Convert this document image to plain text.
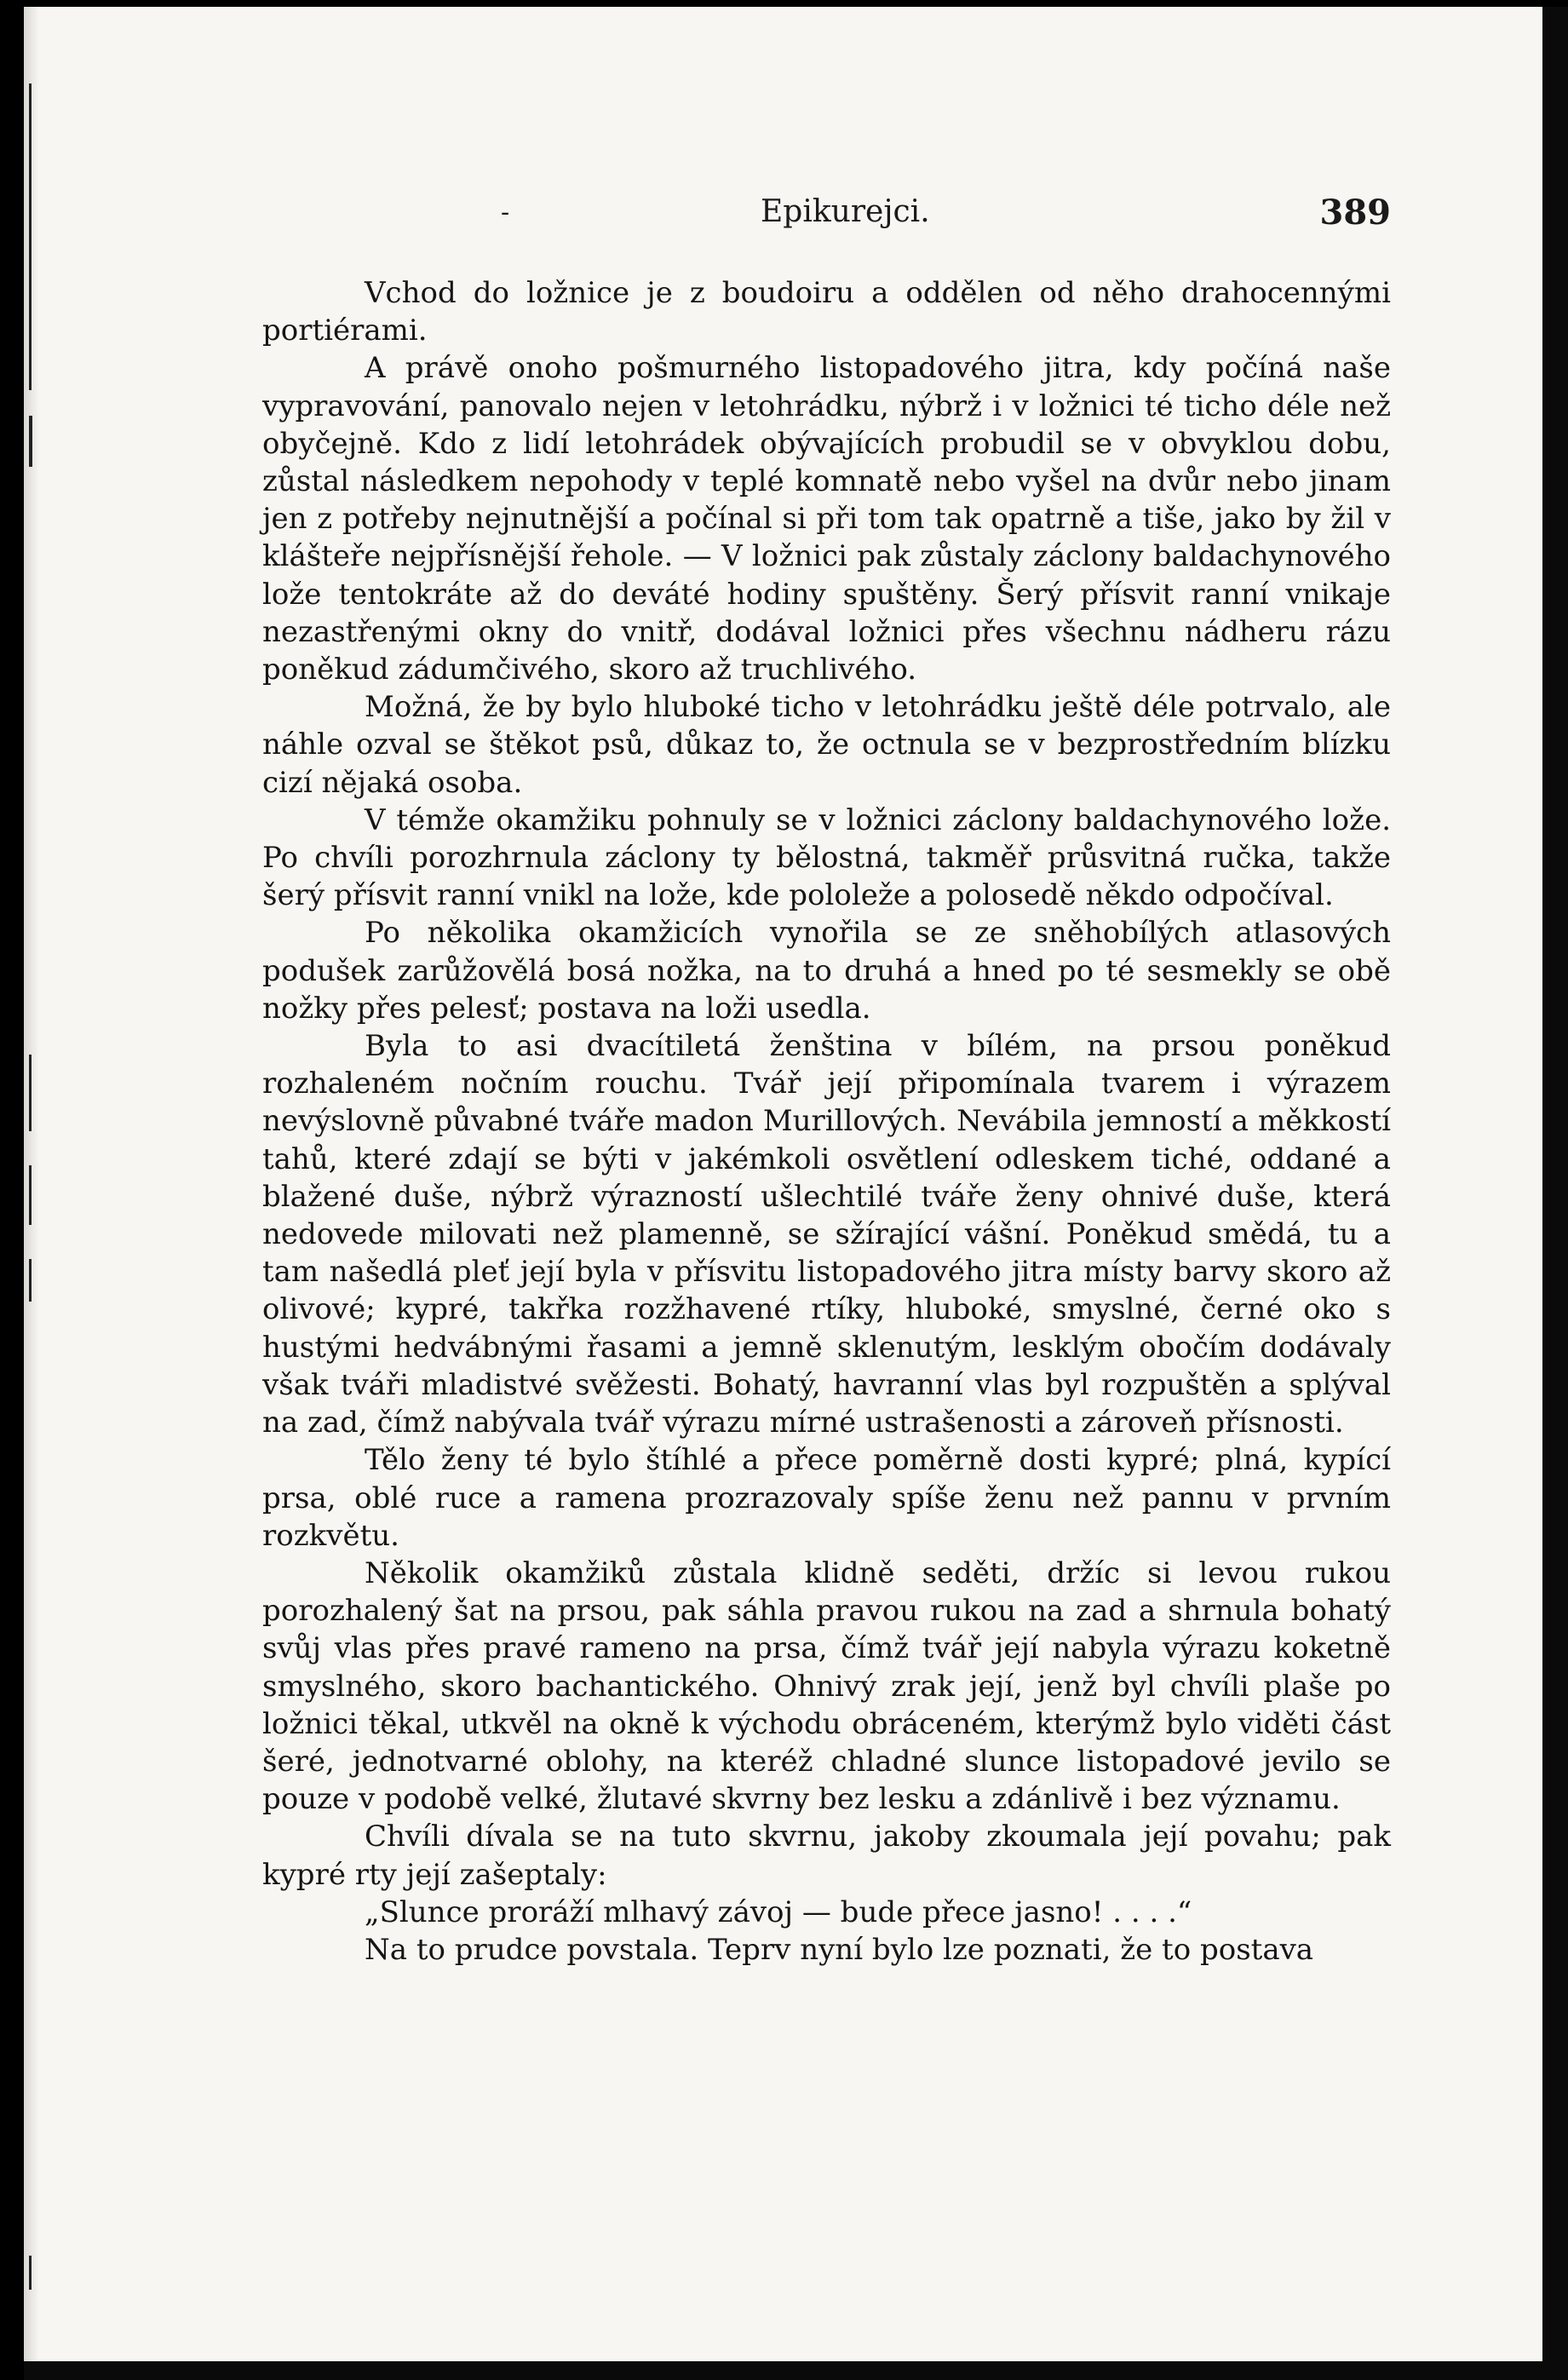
-	Epikurejci.	389

Vchod do ložnice je z boudoiru a oddělen od něho drahocennými portiérami.

A právě onoho pošmurného listopadového jitra, kdy počíná naše vypravování, panovalo nejen v letohrádku, nýbrž i v ložnici té ticho déle než obyčejně. Kdo z lidí letohrádek obývajících probudil se v obvyklou dobu, zůstal následkem nepohody v teplé komnatě nebo vyšel na dvůr nebo jinam jen z potřeby nejnutnější a počínal si při tom tak opatrně a tiše, jako by žil v klášteře nejpřísnější řehole. — V ložnici pak zůstaly záclony baldachynového lože tentokráte až do deváté hodiny spuštěny. Šerý přísvit ranní vnikaje nezastřenými okny do vnitř, dodával ložnici přes všechnu nádheru rázu poněkud zádumčivého, skoro až truchlivého.

Možná, že by bylo hluboké ticho v letohrádku ještě déle potrvalo, ale náhle ozval se štěkot psů, důkaz to, že octnula se v bezprostředním blízku cizí nějaká osoba.

V témže okamžiku pohnuly se v ložnici záclony baldachynového lože. Po chvíli porozhrnula záclony ty bělostná, takměř průsvitná ručka, takže šerý přísvit ranní vnikl na lože, kde pololeže a polosedě někdo odpočíval.

Po několika okamžicích vynořila se ze sněhobílých atlasových podušek zarůžovělá bosá nožka, na to druhá a hned po té sesmekly se obě nožky přes pelesť; postava na loži usedla.

Byla to asi dvacítiletá ženština v bílém, na prsou poněkud rozhaleném nočním rouchu. Tvář její připomínala tvarem i výrazem nevýslovně půvabné tváře madon Murillových. Nevábila jemností a měkkostí tahů, které zdají se býti v jakémkoli osvětlení odleskem tiché, oddané a blažené duše, nýbrž výrazností ušlechtilé tváře ženy ohnivé duše, která nedovede milovati než plamenně, se sžírající vášní. Poněkud smědá, tu a tam našedlá pleť její byla v přísvitu listopadového jitra místy barvy skoro až olivové; kypré, takřka rozžhavené rtíky, hluboké, smyslné, černé oko s hustými hedvábnými řasami a jemně sklenutým, lesklým obočím dodávaly však tváři mladistvé svěžesti. Bohatý, havranní vlas byl rozpuštěn a splýval na zad, čímž nabývala tvář výrazu mírné ustrašenosti a zároveň přísnosti.

Tělo ženy té bylo štíhlé a přece poměrně dosti kypré; plná, kypící prsa, oblé ruce a ramena prozrazovaly spíše ženu než pannu v prvním rozkvětu.

Několik okamžiků zůstala klidně seděti, držíc si levou rukou porozhalený šat na prsou, pak sáhla pravou rukou na zad a shrnula bohatý svůj vlas přes pravé rameno na prsa, čímž tvář její nabyla výrazu koketně smyslného, skoro bachantického. Ohnivý zrak její, jenž byl chvíli plaše po ložnici těkal, utkvěl na okně k východu obráceném, kterýmž bylo viděti část šeré, jednotvarné oblohy, na kteréž chladné slunce listopadové jevilo se pouze v podobě velké, žlutavé skvrny bez lesku a zdánlivě i bez významu.

Chvíli dívala se na tuto skvrnu, jakoby zkoumala její povahu; pak kypré rty její zašeptaly:

„Slunce proráží mlhavý závoj — bude přece jasno! . . . .“

Na to prudce povstala. Teprv nyní bylo lze poznati, že to postava
